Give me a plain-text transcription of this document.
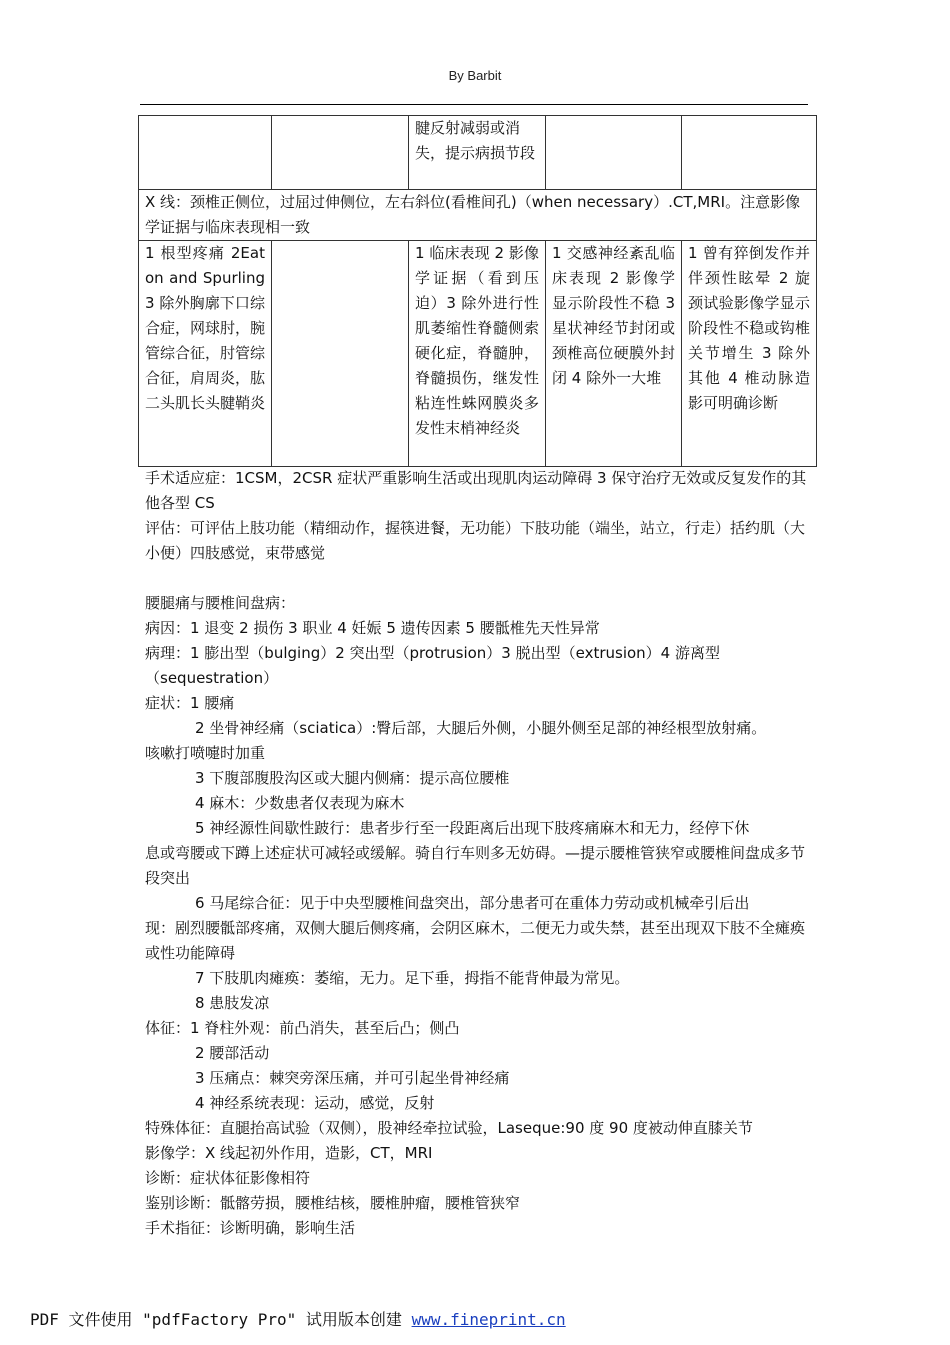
By Barbit
		腱反射减弱或消失，提示病损节段		
X 线：颈椎正侧位，过屈过伸侧位，左右斜位(看椎间孔)（when necessary）.CT,MRI。注意影像学证据与临床表现相一致				
1 根型疼痛 2Eaton and Spurling3 除外胸廓下口综合症，网球肘，腕管综合征，肘管综合征，肩周炎，肱二头肌长头腱鞘炎		1 临床表现 2 影像学证据（看到压迫）3 除外进行性肌萎缩性脊髓侧索硬化症，脊髓肿，脊髓损伤，继发性粘连性蛛网膜炎多发性末梢神经炎	1 交感神经紊乱临床表现 2 影像学显示阶段性不稳 3 星状神经节封闭或颈椎高位硬膜外封闭 4 除外一大堆	1 曾有猝倒发作并伴颈性眩晕 2 旋颈试验影像学显示阶段性不稳或钩椎关节增生 3 除外其他 4 椎动脉造影可明确诊断

手术适应症：1CSM，2CSR 症状严重影响生活或出现肌肉运动障碍 3 保守治疗无效或反复发作的其他各型 CS

评估：可评估上肢功能（精细动作，握筷进餐，无功能）下肢功能（端坐，站立，行走）括约肌（大小便）四肢感觉，束带感觉

腰腿痛与腰椎间盘病：

病因：1 退变 2 损伤 3 职业 4 妊娠 5 遗传因素 5 腰骶椎先天性异常

病理：1 膨出型（bulging）2 突出型（protrusion）3 脱出型（extrusion）4 游离型（sequestration）

症状：1 腰痛

2 坐骨神经痛（sciatica）:臀后部，大腿后外侧，小腿外侧至足部的神经根型放射痛。

咳嗽打喷嚏时加重

3 下腹部腹股沟区或大腿内侧痛：提示高位腰椎

4 麻木：少数患者仅表现为麻木

5 神经源性间歇性跛行：患者步行至一段距离后出现下肢疼痛麻木和无力，经停下休

息或弯腰或下蹲上述症状可减轻或缓解。骑自行车则多无妨碍。—提示腰椎管狭窄或腰椎间盘成多节段突出

6 马尾综合征：见于中央型腰椎间盘突出，部分患者可在重体力劳动或机械牵引后出

现：剧烈腰骶部疼痛，双侧大腿后侧疼痛，会阴区麻木，二便无力或失禁，甚至出现双下肢不全瘫痪或性功能障碍

7 下肢肌肉瘫痪：萎缩，无力。足下垂，拇指不能背伸最为常见。

8 患肢发凉

体征：1 脊柱外观：前凸消失，甚至后凸；侧凸

2 腰部活动

3 压痛点：棘突旁深压痛，并可引起坐骨神经痛

4 神经系统表现：运动，感觉，反射

特殊体征：直腿抬高试验（双侧），股神经牵拉试验，Laseque:90 度 90 度被动伸直膝关节

影像学：X 线起初外作用，造影，CT，MRI

诊断：症状体征影像相符

鉴别诊断：骶髂劳损，腰椎结核，腰椎肿瘤，腰椎管狭窄

手术指征：诊断明确，影响生活

PDF 文件使用 "pdfFactory Pro" 试用版本创建 www.fineprint.cn
